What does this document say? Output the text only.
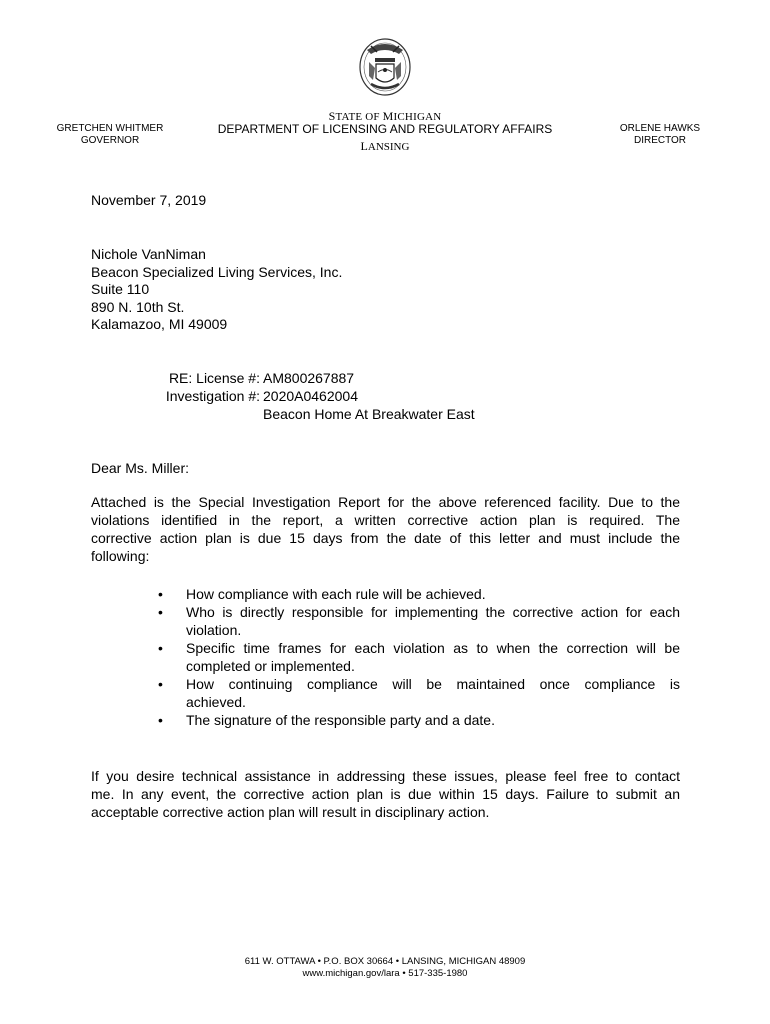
STATE OF MICHIGAN
DEPARTMENT OF LICENSING AND REGULATORY AFFAIRS
LANSING
GRETCHEN WHITMER
GOVERNOR
ORLENE HAWKS
DIRECTOR
November 7, 2019
Nichole VanNiman
Beacon Specialized Living Services, Inc.
Suite 110
890 N. 10th St.
Kalamazoo, MI 49009
RE: License #:
Investigation #:
AM800267887
2020A0462004
Beacon Home At Breakwater East
Dear Ms. Miller:
Attached is the Special Investigation Report for the above referenced facility. Due to the
violations identified in the report, a written corrective action plan is required. The
corrective action plan is due 15 days from the date of this letter and must include the
following:
• How compliance with each rule will be achieved.
• Who is directly responsible for implementing the corrective action for each
violation.
• Specific time frames for each violation as to when the correction will be
completed or implemented.
• How continuing compliance will be maintained once compliance is
achieved.
• The signature of the responsible party and a date.
If you desire technical assistance in addressing these issues, please feel free to contact
me. In any event, the corrective action plan is due within 15 days. Failure to submit an
acceptable corrective action plan will result in disciplinary action.
611 W. OTTAWA • P.O. BOX 30664 • LANSING, MICHIGAN 48909
www.michigan.gov/lara • 517-335-1980
